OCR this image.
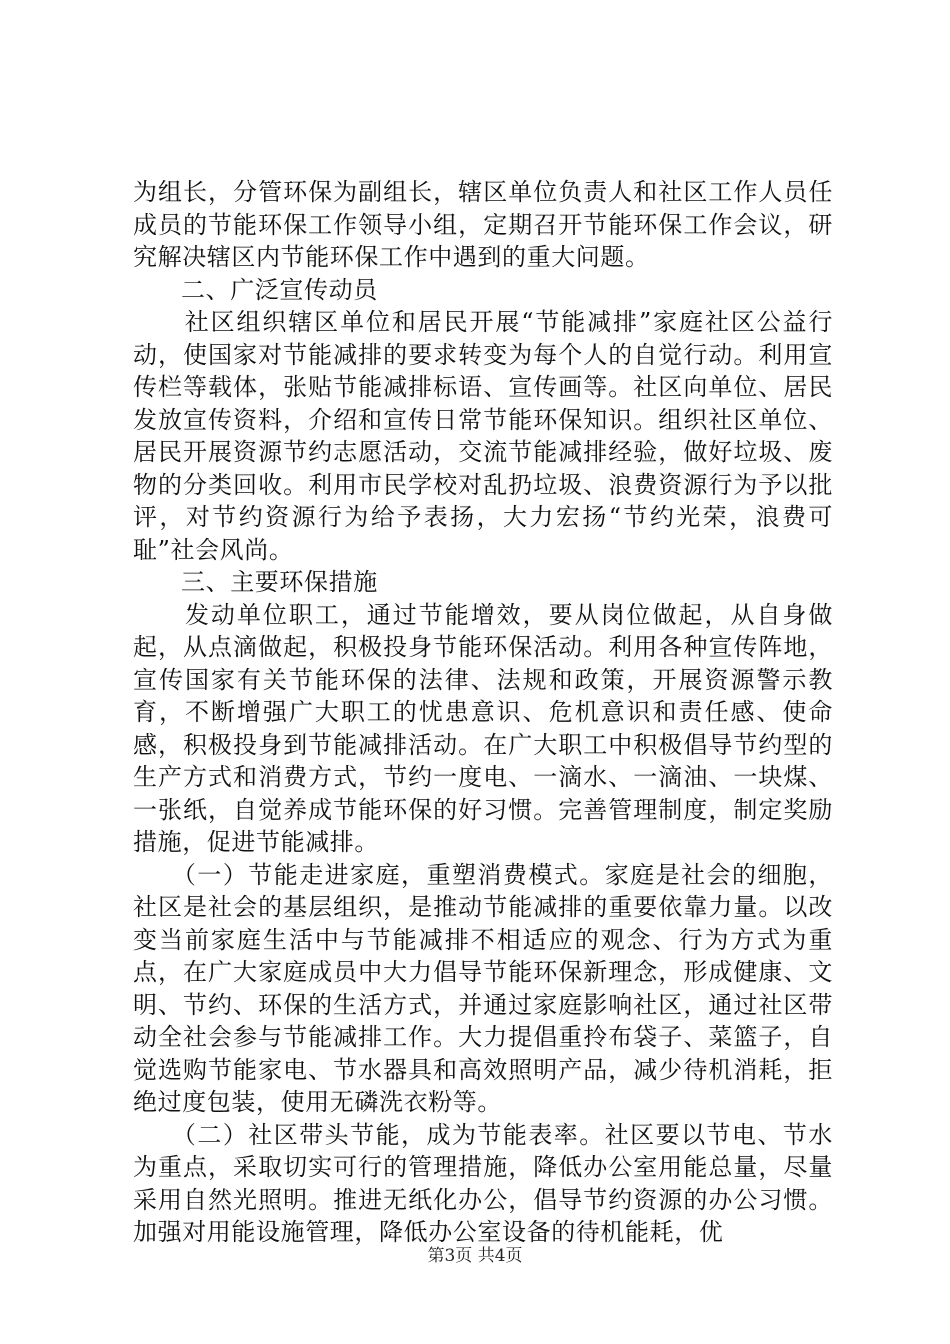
为组长，分管环保为副组长，辖区单位负责人和社区工作人员任成员的节能环保工作领导小组，定期召开节能环保工作会议，研究解决辖区内节能环保工作中遇到的重大问题。

二、广泛宣传动员

　　社区组织辖区单位和居民开展“节能减排”家庭社区公益行动，使国家对节能减排的要求转变为每个人的自觉行动。利用宣传栏等载体，张贴节能减排标语、宣传画等。社区向单位、居民发放宣传资料，介绍和宣传日常节能环保知识。组织社区单位、居民开展资源节约志愿活动，交流节能减排经验，做好垃圾、废物的分类回收。利用市民学校对乱扔垃圾、浪费资源行为予以批评，对节约资源行为给予表扬，大力宏扬“节约光荣，浪费可耻”社会风尚。

三、主要环保措施

　　发动单位职工，通过节能增效，要从岗位做起，从自身做起，从点滴做起，积极投身节能环保活动。利用各种宣传阵地，宣传国家有关节能环保的法律、法规和政策，开展资源警示教育，不断增强广大职工的忧患意识、危机意识和责任感、使命感，积极投身到节能减排活动。在广大职工中积极倡导节约型的生产方式和消费方式，节约一度电、一滴水、一滴油、一块煤、一张纸，自觉养成节能环保的好习惯。完善管理制度，制定奖励措施，促进节能减排。

　　（一）节能走进家庭，重塑消费模式。家庭是社会的细胞，社区是社会的基层组织，是推动节能减排的重要依靠力量。以改变当前家庭生活中与节能减排不相适应的观念、行为方式为重点，在广大家庭成员中大力倡导节能环保新理念，形成健康、文明、节约、环保的生活方式，并通过家庭影响社区，通过社区带动全社会参与节能减排工作。大力提倡重拎布袋子、菜篮子，自觉选购节能家电、节水器具和高效照明产品，减少待机消耗，拒绝过度包装，使用无磷洗衣粉等。

　　（二）社区带头节能，成为节能表率。社区要以节电、节水为重点，采取切实可行的管理措施，降低办公室用能总量，尽量采用自然光照明。推进无纸化办公，倡导节约资源的办公习惯。加强对用能设施管理，降低办公室设备的待机能耗，优

第3页 共4页
